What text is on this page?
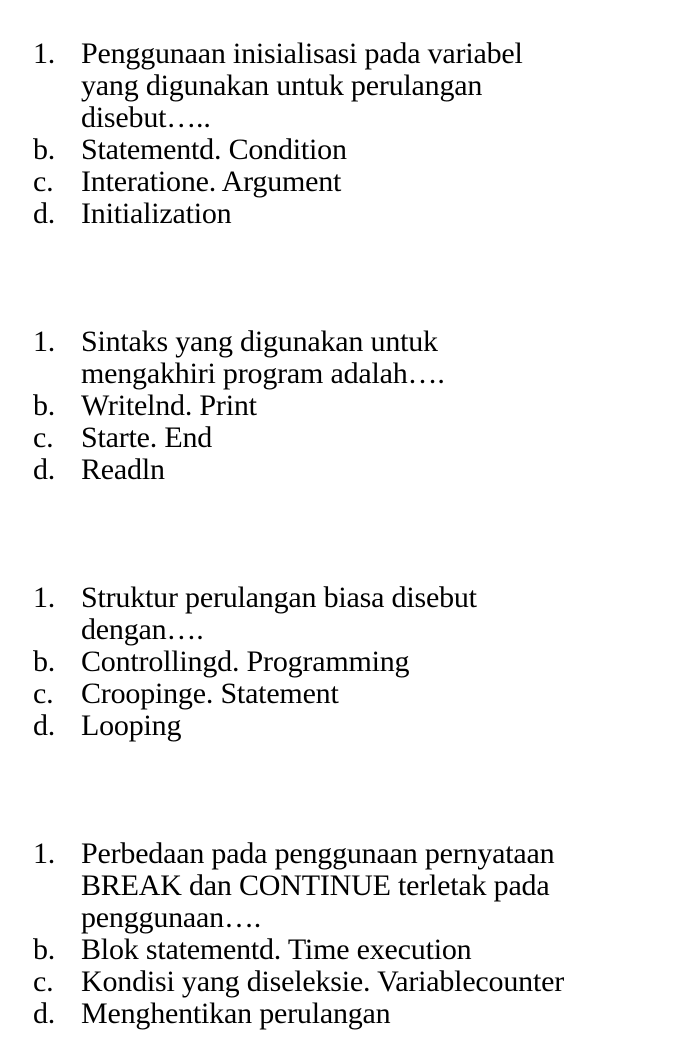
1. Penggunaan inisialisasi pada variabel
yang digunakan untuk perulangan
disebut…..
b. Statementd. Condition
c. Interatione. Argument
d. Initialization
1. Sintaks yang digunakan untuk
mengakhiri program adalah….
b. Writelnd. Print
c. Starte. End
d. Readln
1. Struktur perulangan biasa disebut
dengan….
b. Controllingd. Programming
c. Croopinge. Statement
d. Looping
1. Perbedaan pada penggunaan pernyataan
BREAK dan CONTINUE terletak pada
penggunaan….
b. Blok statementd. Time execution
c. Kondisi yang diseleksie. Variablecounter
d. Menghentikan perulangan
